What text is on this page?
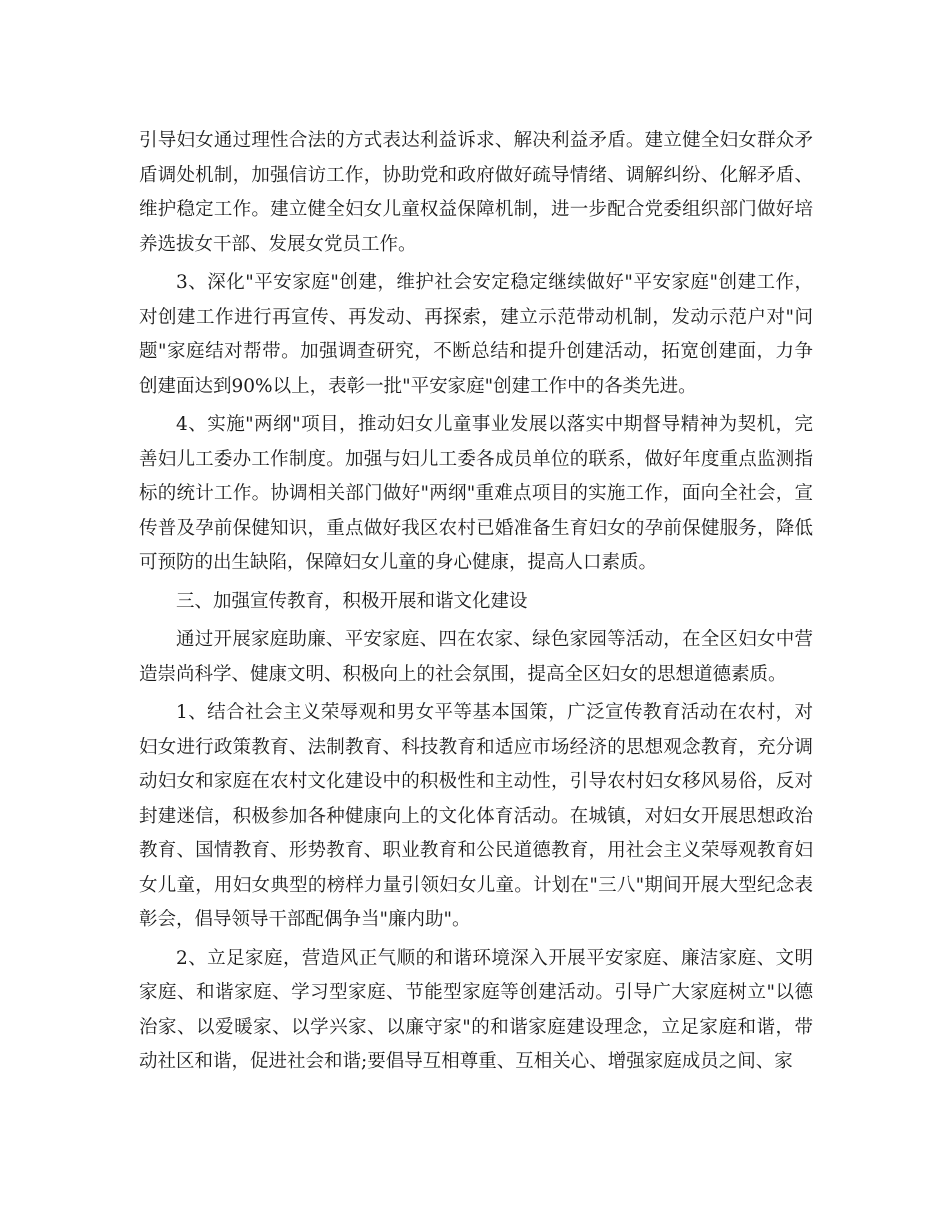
引导妇女通过理性合法的方式表达利益诉求、解决利益矛盾。建立健全妇女群众矛盾调处机制，加强信访工作，协助党和政府做好疏导情绪、调解纠纷、化解矛盾、维护稳定工作。建立健全妇女儿童权益保障机制，进一步配合党委组织部门做好培养选拔女干部、发展女党员工作。

3、深化"平安家庭"创建，维护社会安定稳定继续做好"平安家庭"创建工作，对创建工作进行再宣传、再发动、再探索，建立示范带动机制，发动示范户对"问题"家庭结对帮带。加强调查研究，不断总结和提升创建活动，拓宽创建面，力争创建面达到90%以上，表彰一批"平安家庭"创建工作中的各类先进。

4、实施"两纲"项目，推动妇女儿童事业发展以落实中期督导精神为契机，完善妇儿工委办工作制度。加强与妇儿工委各成员单位的联系，做好年度重点监测指标的统计工作。协调相关部门做好"两纲"重难点项目的实施工作，面向全社会，宣传普及孕前保健知识，重点做好我区农村已婚准备生育妇女的孕前保健服务，降低可预防的出生缺陷，保障妇女儿童的身心健康，提高人口素质。

三、加强宣传教育，积极开展和谐文化建设

通过开展家庭助廉、平安家庭、四在农家、绿色家园等活动，在全区妇女中营造崇尚科学、健康文明、积极向上的社会氛围，提高全区妇女的思想道德素质。

1、结合社会主义荣辱观和男女平等基本国策，广泛宣传教育活动在农村，对妇女进行政策教育、法制教育、科技教育和适应市场经济的思想观念教育，充分调动妇女和家庭在农村文化建设中的积极性和主动性，引导农村妇女移风易俗，反对封建迷信，积极参加各种健康向上的文化体育活动。在城镇，对妇女开展思想政治教育、国情教育、形势教育、职业教育和公民道德教育，用社会主义荣辱观教育妇女儿童，用妇女典型的榜样力量引领妇女儿童。计划在"三八"期间开展大型纪念表彰会，倡导领导干部配偶争当"廉内助"。

2、立足家庭，营造风正气顺的和谐环境深入开展平安家庭、廉洁家庭、文明家庭、和谐家庭、学习型家庭、节能型家庭等创建活动。引导广大家庭树立"以德治家、以爱暖家、以学兴家、以廉守家"的和谐家庭建设理念，立足家庭和谐，带动社区和谐，促进社会和谐;要倡导互相尊重、互相关心、增强家庭成员之间、家
